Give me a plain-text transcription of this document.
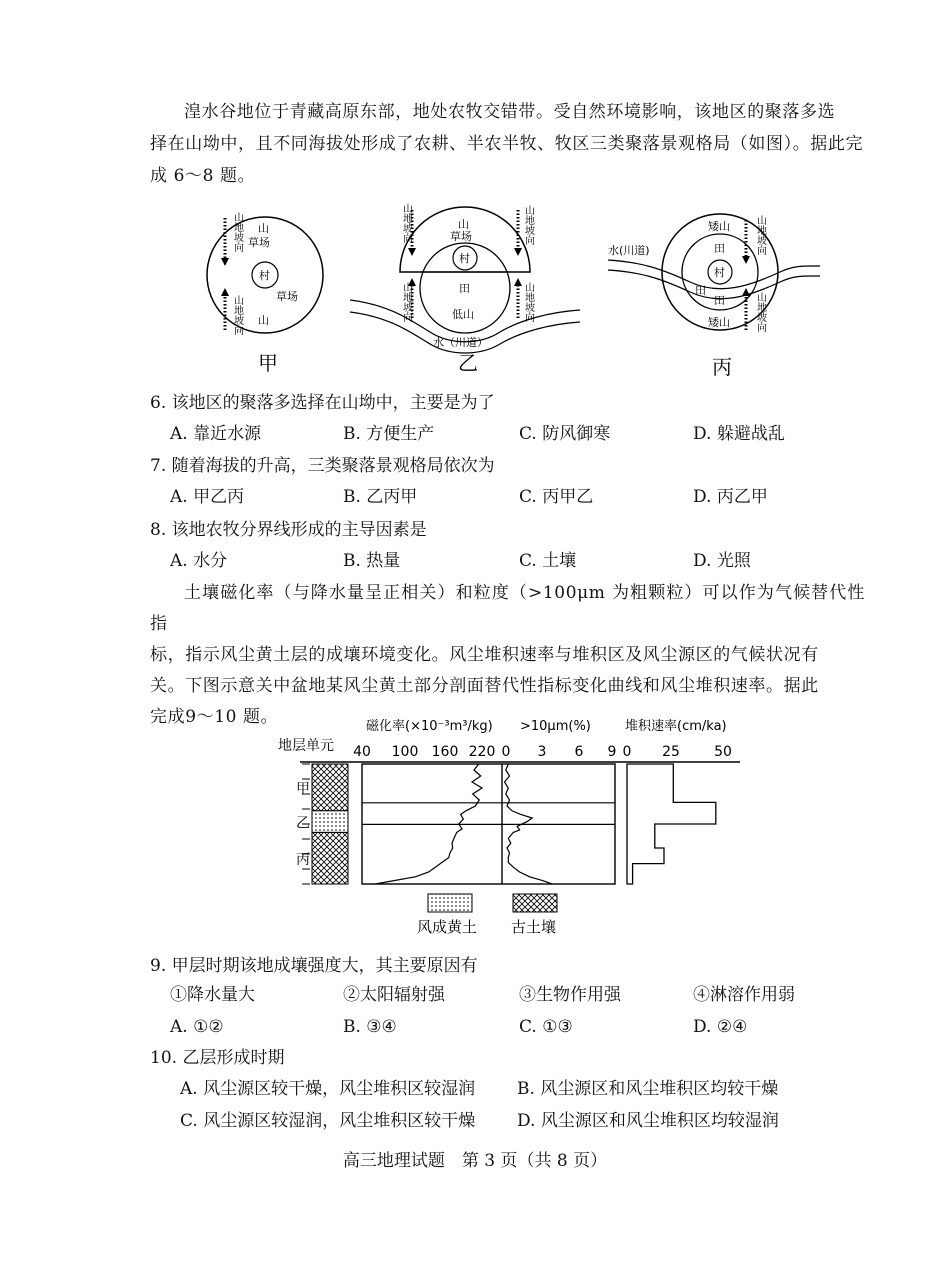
湟水谷地位于青藏高原东部，地处农牧交错带。受自然环境影响，该地区的聚落多选
择在山坳中，且不同海拔处形成了农耕、半农半牧、牧区三类聚落景观格局（如图）。据此完
成 6～8 题。
山地坡向
山地坡向
山
草场
村
草场
山
甲
山地坡向	山地坡向
山地坡向	山地坡向
山
草场
村
田
低山
水（川道）
乙
山地坡向
山地坡向
矮山
田
村
田
田
矮山
水(川道)
丙
6. 该地区的聚落多选择在山坳中，主要是为了
A. 靠近水源	B. 方便生产	C. 防风御寒	D. 躲避战乱
7. 随着海拔的升高，三类聚落景观格局依次为
A. 甲乙丙	B. 乙丙甲	C. 丙甲乙	D. 丙乙甲
8. 该地农牧分界线形成的主导因素是
A. 水分	B. 热量	C. 土壤	D. 光照
土壤磁化率（与降水量呈正相关）和粒度（>100μm 为粗颗粒）可以作为气候替代性指
标，指示风尘黄土层的成壤环境变化。风尘堆积速率与堆积区及风尘源区的气候状况有
关。下图示意关中盆地某风尘黄土部分剖面替代性指标变化曲线和风尘堆积速率。据此
完成9～10 题。
地层单元
磁化率(×10⁻³m³/kg) >10μm(%)	堆积速率(cm/ka)
40 100 160 220 0 3 6 9 0 25 50
甲
乙
丙
风成黄土 古土壤
9. 甲层时期该地成壤强度大，其主要原因有
①降水量大	②太阳辐射强	③生物作用强	④淋溶作用弱
A. ①②	B. ③④	C. ①③	D. ②④
10. 乙层形成时期
A. 风尘源区较干燥，风尘堆积区较湿润 B. 风尘源区和风尘堆积区均较干燥
C. 风尘源区较湿润，风尘堆积区较干燥 D. 风尘源区和风尘堆积区均较湿润
高三地理试题　第 3 页（共 8 页）
